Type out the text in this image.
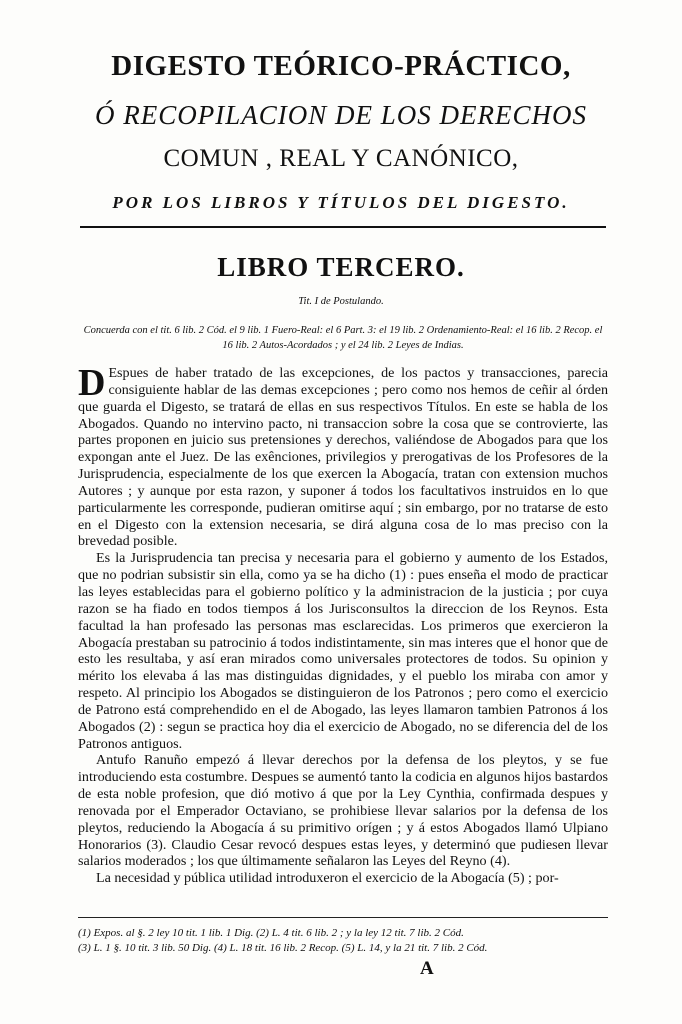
DIGESTO TEÓRICO-PRÁCTICO,
Ó RECOPILACION DE LOS DERECHOS
COMUN , REAL Y CANÓNICO,
POR LOS LIBROS Y TÍTULOS DEL DIGESTO.
LIBRO TERCERO.
Tit. I de Postulando.
Concuerda con el tit. 6 lib. 2 Cód. el 9 lib. 1 Fuero-Real: el 6 Part. 3: el 19 lib. 2 Ordenamiento-Real: el 16 lib. 2 Recop. el 16 lib. 2 Autos-Acordados ; y el 24 lib. 2 Leyes de Indias.

D Espues de haber tratado de las excepciones, de los pactos y transacciones, parecia consiguiente hablar de las demas excepciones ; pero como nos hemos de ceñir al órden que guarda el Digesto, se tratará de ellas en sus respectivos Títulos. En este se habla de los Abogados. Quando no intervino pacto, ni transaccion sobre la cosa que se controvierte, las partes proponen en juicio sus pretensiones y derechos, valiéndose de Abogados para que los expongan ante el Juez. De las exênciones, privilegios y prerogativas de los Profesores de la Jurisprudencia, especialmente de los que exercen la Abogacía, tratan con extension muchos Autores ; y aunque por esta razon, y suponer á todos los facultativos instruidos en lo que particularmente les corresponde, pudieran omitirse aquí ; sin embargo, por no tratarse de esto en el Digesto con la extension necesaria, se dirá alguna cosa de lo mas preciso con la brevedad posible.

Es la Jurisprudencia tan precisa y necesaria para el gobierno y aumento de los Estados, que no podrian subsistir sin ella, como ya se ha dicho (1) : pues enseña el modo de practicar las leyes establecidas para el gobierno político y la administracion de la justicia ; por cuya razon se ha fiado en todos tiempos á los Jurisconsultos la direccion de los Reynos. Esta facultad la han profesado las personas mas esclarecidas. Los primeros que exercieron la Abogacía prestaban su patrocinio á todos indistintamente, sin mas interes que el honor que de esto les resultaba, y así eran mirados como universales protectores de todos. Su opinion y mérito los elevaba á las mas distinguidas dignidades, y el pueblo los miraba con amor y respeto. Al principio los Abogados se distinguieron de los Patronos ; pero como el exercicio de Patrono está comprehendido en el de Abogado, las leyes llamaron tambien Patronos á los Abogados (2) : segun se practica hoy dia el exercicio de Abogado, no se diferencia del de los Patronos antiguos.

Antufo Ranuño empezó á llevar derechos por la defensa de los pleytos, y se fue introduciendo esta costumbre. Despues se aumentó tanto la codicia en algunos hijos bastardos de esta noble profesion, que dió motivo á que por la Ley Cynthia, confirmada despues y renovada por el Emperador Octaviano, se prohibiese llevar salarios por la defensa de los pleytos, reduciendo la Abogacía á su primitivo orígen ; y á estos Abogados llamó Ulpiano Honorarios (3). Claudio Cesar revocó despues estas leyes, y determinó que pudiesen llevar salarios moderados ; los que últimamente señalaron las Leyes del Reyno (4).

La necesidad y pública utilidad introduxeron el exercicio de la Abogacía (5) ; por-

(1) Expos. al §. 2 ley 10 tit. 1 lib. 1 Dig. (2) L. 4 tit. 6 lib. 2 ; y la ley 12 tit. 7 lib. 2 Cód.
(3) L. 1 §. 10 tit. 3 lib. 50 Dig. (4) L. 18 tit. 16 lib. 2 Recop. (5) L. 14, y la 21 tit. 7 lib. 2 Cód.
A
